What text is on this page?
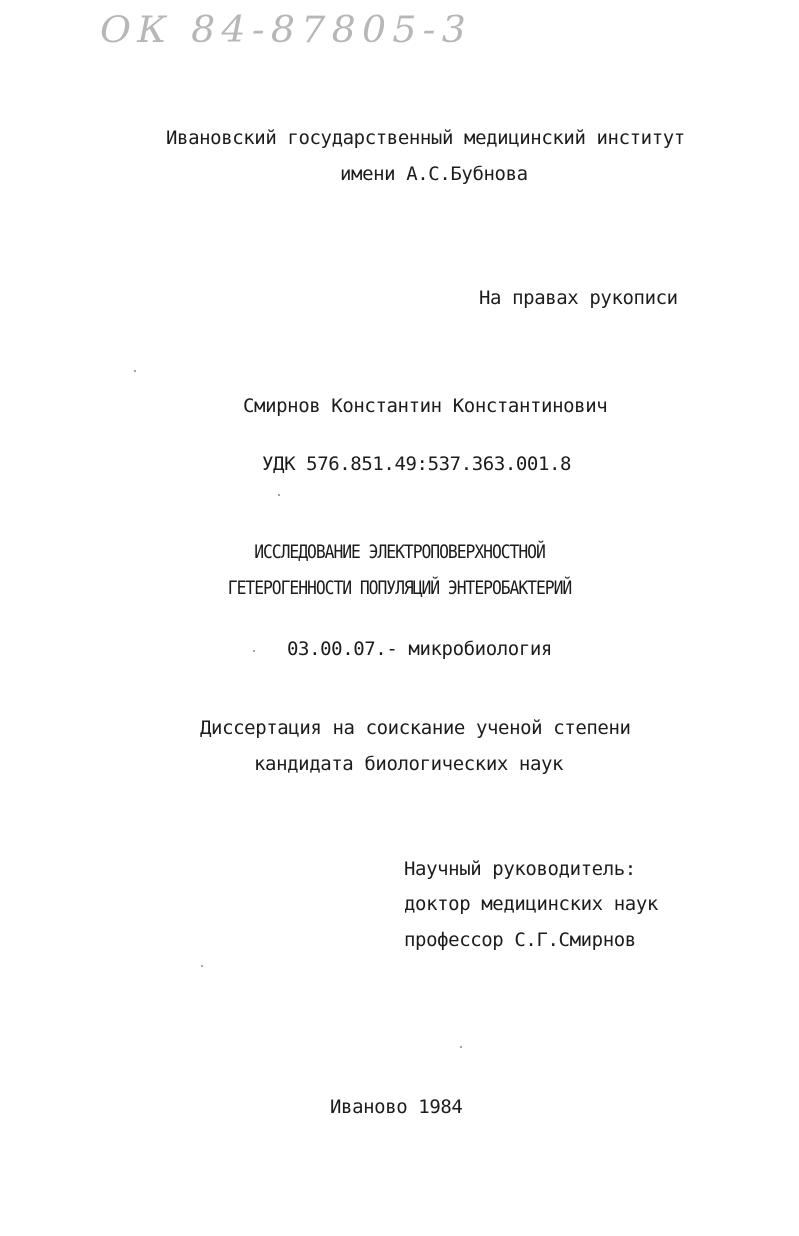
ОК 84-87805-3
Ивановский государственный медицинский институт
имени А.С.Бубнова
На правах рукописи
Смирнов Константин Константинович
УДК 576.851.49:537.363.001.8
ИССЛЕДОВАНИЕ ЭЛЕКТРОПОВЕРХНОСТНОЙ
ГЕТЕРОГЕННОСТИ ПОПУЛЯЦИЙ ЭНТЕРОБАКТЕРИЙ
03.00.07.- микробиология
Диссертация на соискание ученой степени
кандидата биологических наук
Научный руководитель:
доктор медицинских наук
профессор С.Г.Смирнов
Иваново 1984
